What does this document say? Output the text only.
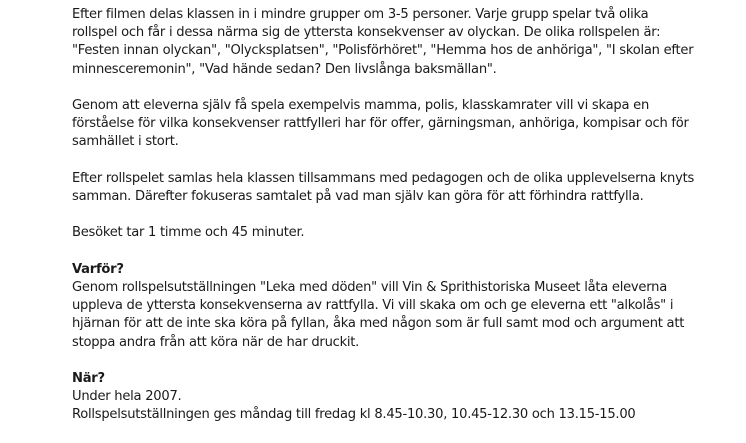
Efter filmen delas klassen in i mindre grupper om 3-5 personer. Varje grupp spelar två olika
rollspel och får i dessa närma sig de yttersta konsekvenser av olyckan. De olika rollspelen är:
"Festen innan olyckan", "Olycksplatsen", "Polisförhöret", "Hemma hos de anhöriga", "I skolan efter
minnesceremonin", "Vad hände sedan? Den livslånga baksmällan".
Genom att eleverna själv få spela exempelvis mamma, polis, klasskamrater vill vi skapa en
förståelse för vilka konsekvenser rattfylleri har för offer, gärningsman, anhöriga, kompisar och för
samhället i stort.
Efter rollspelet samlas hela klassen tillsammans med pedagogen och de olika upplevelserna knyts
samman. Därefter fokuseras samtalet på vad man själv kan göra för att förhindra rattfylla.
Besöket tar 1 timme och 45 minuter.
Varför?
Genom rollspelsutställningen "Leka med döden" vill Vin & Sprithistoriska Museet låta eleverna
uppleva de yttersta konsekvenserna av rattfylla. Vi vill skaka om och ge eleverna ett "alkolås" i
hjärnan för att de inte ska köra på fyllan, åka med någon som är full samt mod och argument att
stoppa andra från att köra när de har druckit.
När?
Under hela 2007.
Rollspelsutställningen ges måndag till fredag kl 8.45-10.30, 10.45-12.30 och 13.15-15.00
